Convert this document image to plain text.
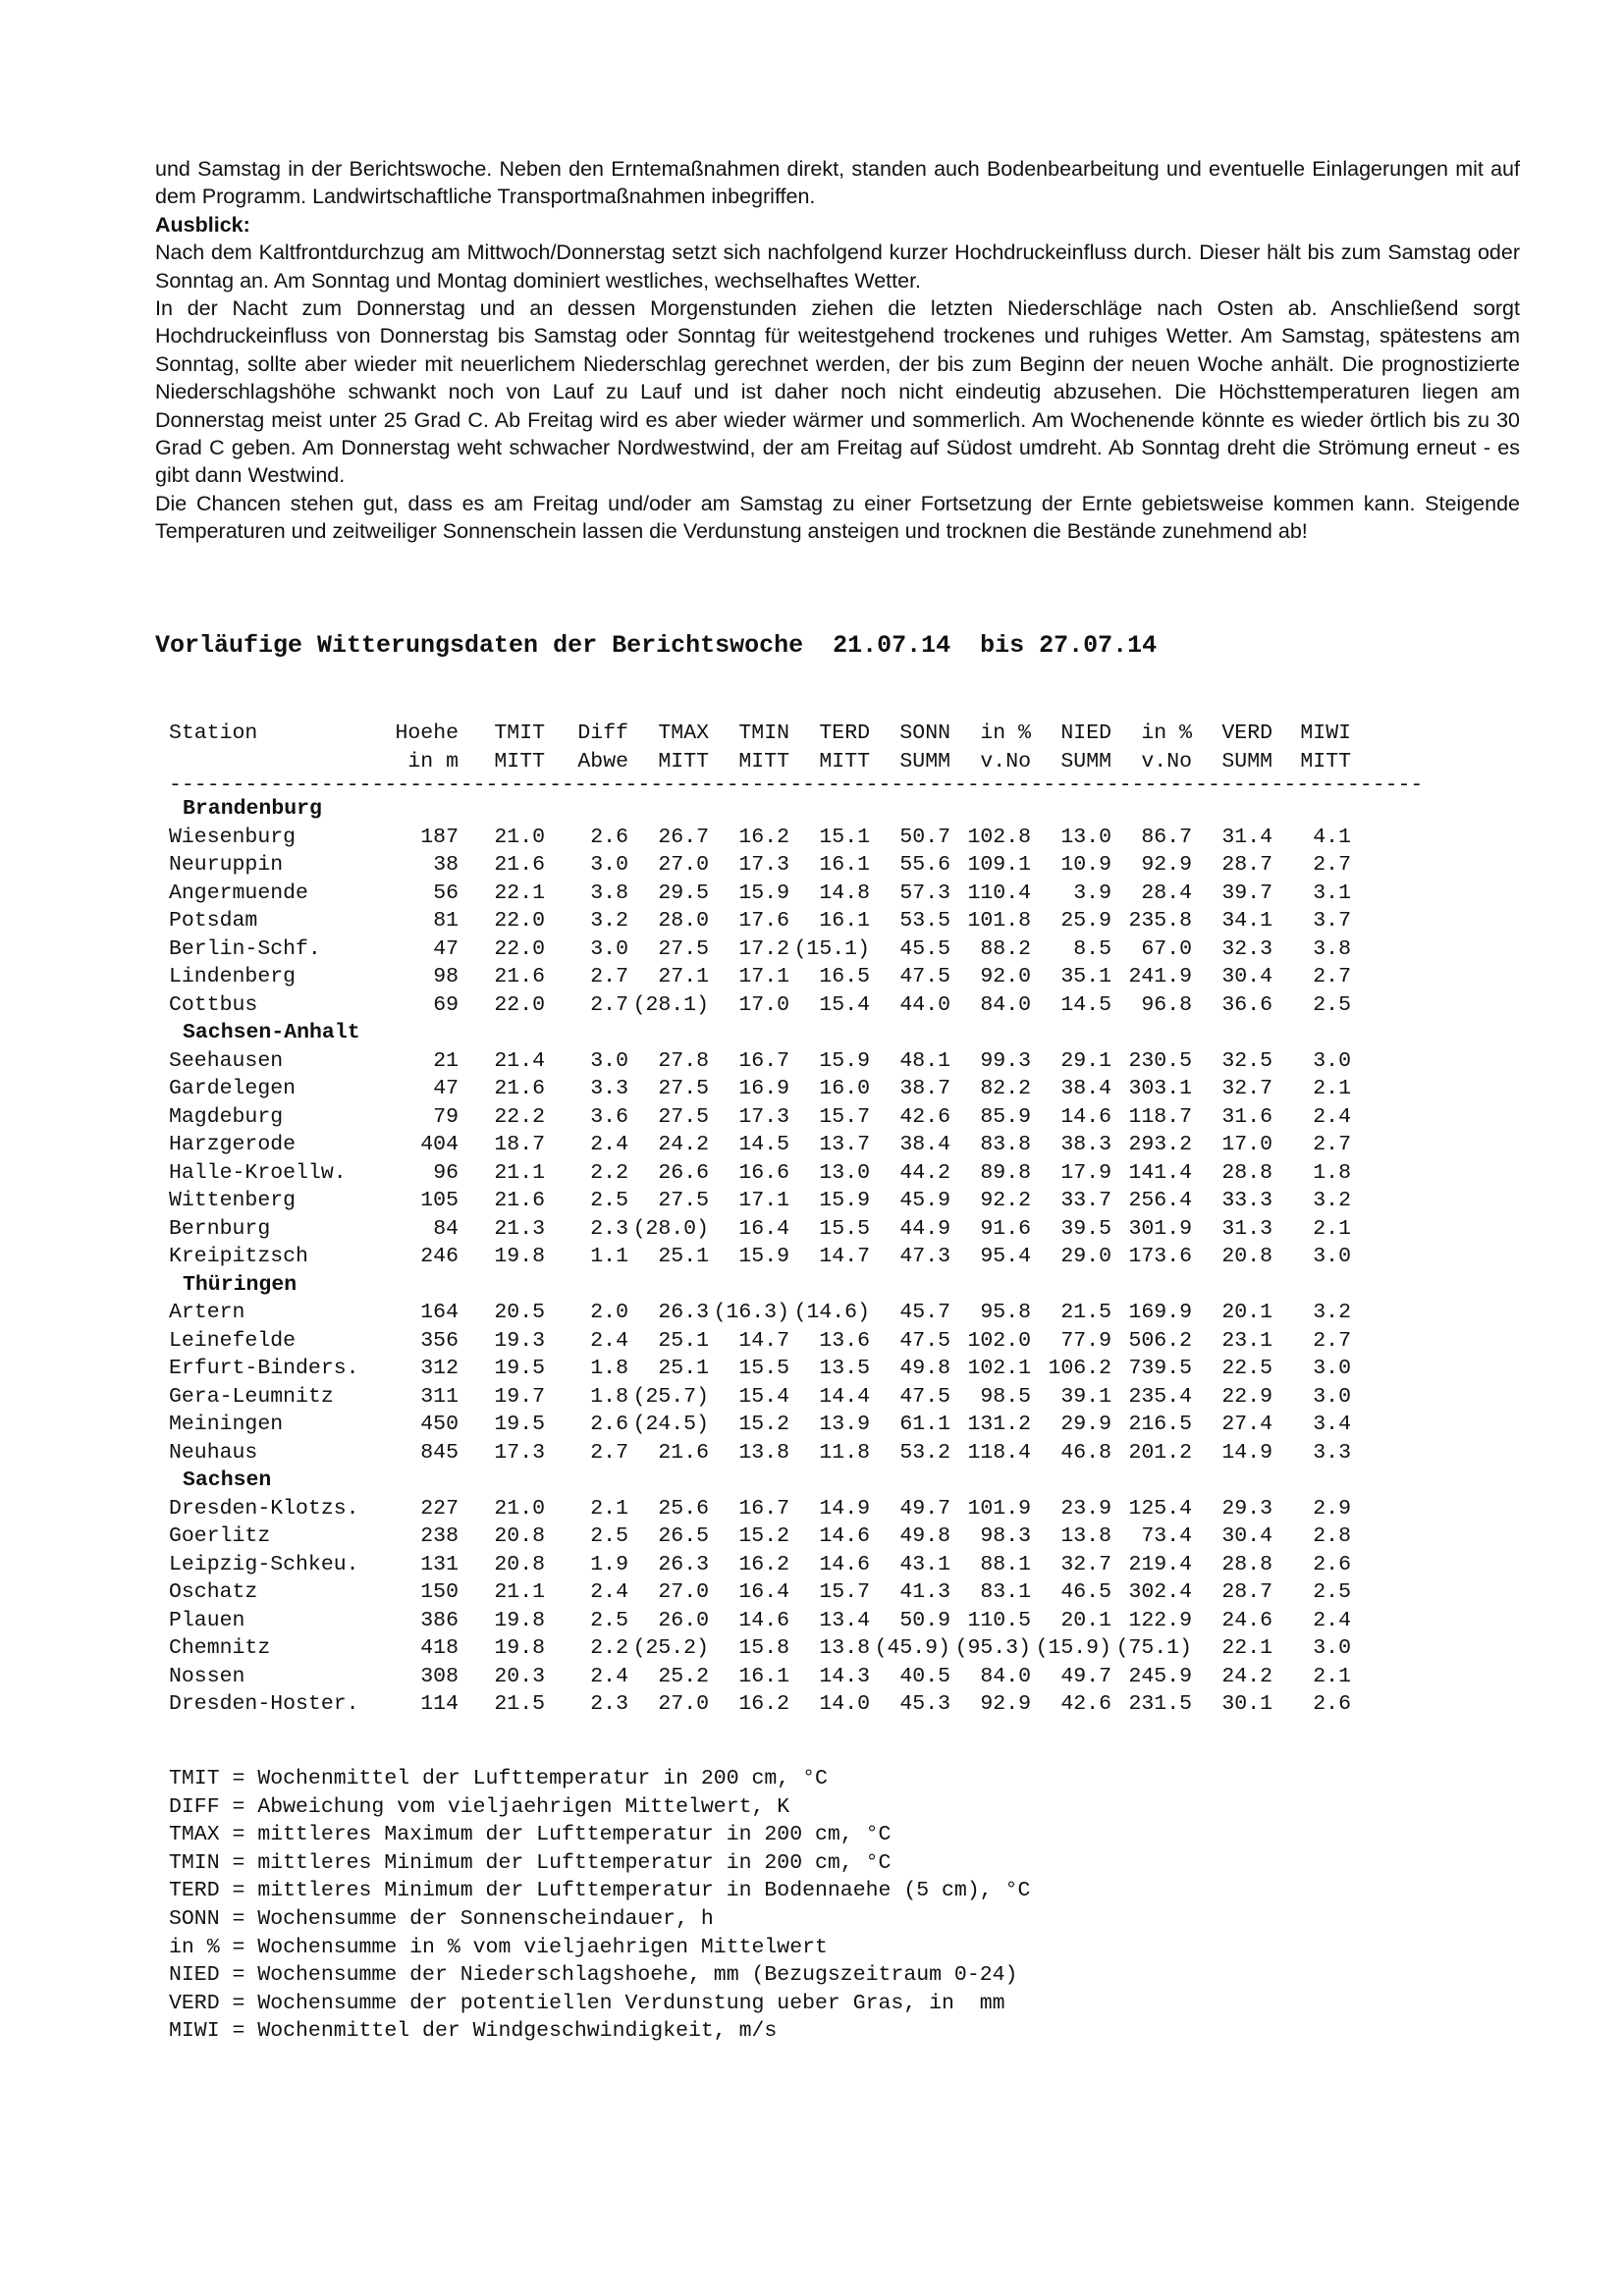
und Samstag in der Berichtswoche. Neben den Erntemaßnahmen direkt, standen auch Bodenbearbeitung und eventuelle Einlagerungen mit auf dem Programm. Landwirtschaftliche Transportmaßnahmen inbegriffen.

Ausblick:

Nach dem Kaltfrontdurchzug am Mittwoch/Donnerstag setzt sich nachfolgend kurzer Hochdruckeinfluss durch. Dieser hält bis zum Samstag oder Sonntag an. Am Sonntag und Montag dominiert westliches, wechselhaftes Wetter.

In der Nacht zum Donnerstag und an dessen Morgenstunden ziehen die letzten Niederschläge nach Osten ab. Anschließend sorgt Hochdruckeinfluss von Donnerstag bis Samstag oder Sonntag für weitestgehend trockenes und ruhiges Wetter. Am Samstag, spätestens am Sonntag, sollte aber wieder mit neuerlichem Niederschlag gerechnet werden, der bis zum Beginn der neuen Woche anhält. Die prognostizierte Niederschlagshöhe schwankt noch von Lauf zu Lauf und ist daher noch nicht eindeutig abzusehen. Die Höchsttemperaturen liegen am Donnerstag meist unter 25 Grad C. Ab Freitag wird es aber wieder wärmer und sommerlich. Am Wochenende könnte es wieder örtlich bis zu 30 Grad C geben. Am Donnerstag weht schwacher Nordwestwind, der am Freitag auf Südost umdreht. Ab Sonntag dreht die Strömung erneut - es gibt dann Westwind.

Die Chancen stehen gut, dass es am Freitag und/oder am Samstag zu einer Fortsetzung der Ernte gebietsweise kommen kann. Steigende Temperaturen und zeitweiliger Sonnenschein lassen die Verdunstung ansteigen und trocknen die Bestände zunehmend ab!

Vorläufige Witterungsdaten der Berichtswoche  21.07.14  bis 27.07.14
Station	Hoehe TMIT Diff TMAX TMIN TERD SONN in % NIED in % VERD MIWI
in m MITT Abwe MITT MITT MITT SUMM v.No SUMM v.No SUMM MITT
---------------------------------------------------------------------------------------------------
Brandenburg
Wiesenburg	187 21.0 2.6 26.7 16.2 15.1 50.7 102.8 13.0 86.7 31.4 4.1
Neuruppin	38 21.6 3.0 27.0 17.3 16.1 55.6 109.1 10.9 92.9 28.7 2.7
Angermuende	56 22.1 3.8 29.5 15.9 14.8 57.3 110.4 3.9 28.4 39.7 3.1
Potsdam	81 22.0 3.2 28.0 17.6 16.1 53.5 101.8 25.9 235.8 34.1 3.7
Berlin-Schf.	47 22.0 3.0 27.5 17.2 (15.1) 45.5 88.2 8.5 67.0 32.3 3.8
Lindenberg	98 21.6 2.7 27.1 17.1 16.5 47.5 92.0 35.1 241.9 30.4 2.7
Cottbus	69 22.0 2.7 (28.1) 17.0 15.4 44.0 84.0 14.5 96.8 36.6 2.5
Sachsen-Anhalt
Seehausen	21 21.4 3.0 27.8 16.7 15.9 48.1 99.3 29.1 230.5 32.5 3.0
Gardelegen	47 21.6 3.3 27.5 16.9 16.0 38.7 82.2 38.4 303.1 32.7 2.1
Magdeburg	79 22.2 3.6 27.5 17.3 15.7 42.6 85.9 14.6 118.7 31.6 2.4
Harzgerode	404 18.7 2.4 24.2 14.5 13.7 38.4 83.8 38.3 293.2 17.0 2.7
Halle-Kroellw.	96 21.1 2.2 26.6 16.6 13.0 44.2 89.8 17.9 141.4 28.8 1.8
Wittenberg	105 21.6 2.5 27.5 17.1 15.9 45.9 92.2 33.7 256.4 33.3 3.2
Bernburg	84 21.3 2.3 (28.0) 16.4 15.5 44.9 91.6 39.5 301.9 31.3 2.1
Kreipitzsch	246 19.8 1.1 25.1 15.9 14.7 47.3 95.4 29.0 173.6 20.8 3.0
Thüringen
Artern	164 20.5 2.0 26.3 (16.3) (14.6) 45.7 95.8 21.5 169.9 20.1 3.2
Leinefelde	356 19.3 2.4 25.1 14.7 13.6 47.5 102.0 77.9 506.2 23.1 2.7
Erfurt-Binders.	312 19.5 1.8 25.1 15.5 13.5 49.8 102.1 106.2 739.5 22.5 3.0
Gera-Leumnitz	311 19.7 1.8 (25.7) 15.4 14.4 47.5 98.5 39.1 235.4 22.9 3.0
Meiningen	450 19.5 2.6 (24.5) 15.2 13.9 61.1 131.2 29.9 216.5 27.4 3.4
Neuhaus	845 17.3 2.7 21.6 13.8 11.8 53.2 118.4 46.8 201.2 14.9 3.3
Sachsen
Dresden-Klotzs.	227 21.0 2.1 25.6 16.7 14.9 49.7 101.9 23.9 125.4 29.3 2.9
Goerlitz	238 20.8 2.5 26.5 15.2 14.6 49.8 98.3 13.8 73.4 30.4 2.8
Leipzig-Schkeu.	131 20.8 1.9 26.3 16.2 14.6 43.1 88.1 32.7 219.4 28.8 2.6
Oschatz	150 21.1 2.4 27.0 16.4 15.7 41.3 83.1 46.5 302.4 28.7 2.5
Plauen	386 19.8 2.5 26.0 14.6 13.4 50.9 110.5 20.1 122.9 24.6 2.4
Chemnitz	418 19.8 2.2 (25.2) 15.8 13.8 (45.9) (95.3) (15.9) (75.1) 22.1 3.0
Nossen	308 20.3 2.4 25.2 16.1 14.3 40.5 84.0 49.7 245.9 24.2 2.1
Dresden-Hoster.	114 21.5 2.3 27.0 16.2 14.0 45.3 92.9 42.6 231.5 30.1 2.6
TMIT = Wochenmittel der Lufttemperatur in 200 cm, °C
DIFF = Abweichung vom vieljaehrigen Mittelwert, K
TMAX = mittleres Maximum der Lufttemperatur in 200 cm, °C
TMIN = mittleres Minimum der Lufttemperatur in 200 cm, °C
TERD = mittleres Minimum der Lufttemperatur in Bodennaehe (5 cm), °C
SONN = Wochensumme der Sonnenscheindauer, h
in % = Wochensumme in % vom vieljaehrigen Mittelwert
NIED = Wochensumme der Niederschlagshoehe, mm (Bezugszeitraum 0-24)
VERD = Wochensumme der potentiellen Verdunstung ueber Gras, in  mm
MIWI = Wochenmittel der Windgeschwindigkeit, m/s
